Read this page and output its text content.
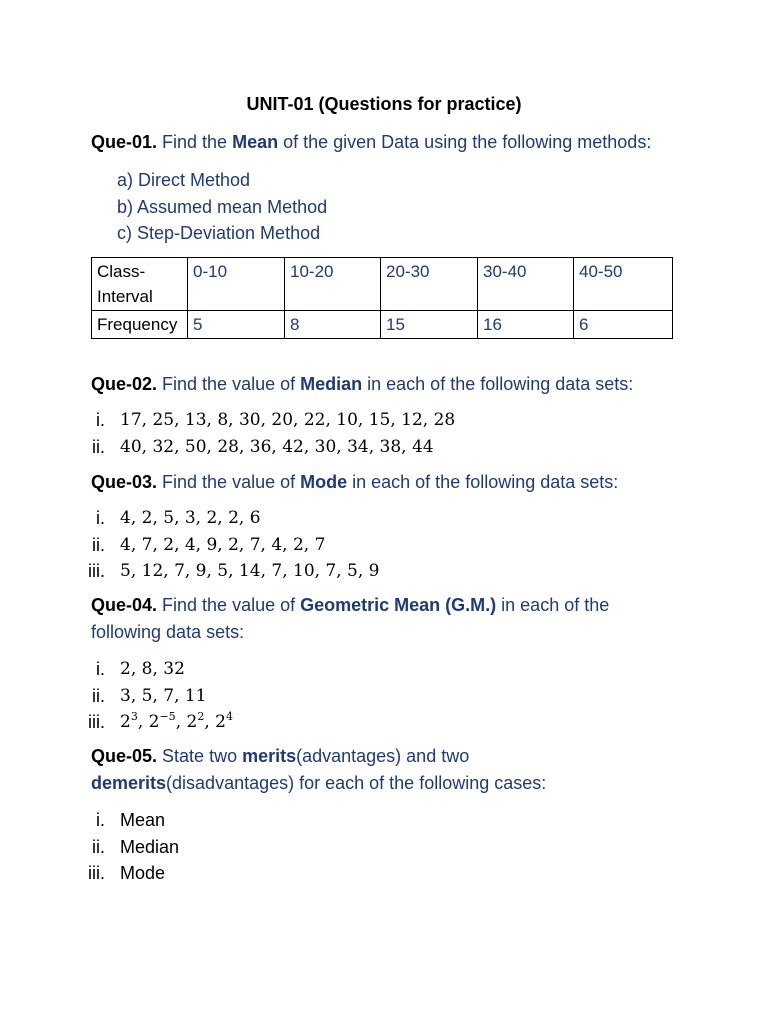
UNIT-01 (Questions for practice)
Que-01. Find the Mean of the given Data using the following methods:
a) Direct Method
b) Assumed mean Method
c) Step-Deviation Method
Class-Interval	0-10	10-20	20-30	30-40	40-50
Frequency	5	8	15	16	6
Que-02. Find the value of Median in each of the following data sets:
i. 17, 25, 13, 8, 30, 20, 22, 10, 15, 12, 28
ii. 40, 32, 50, 28, 36, 42, 30, 34, 38, 44
Que-03. Find the value of Mode in each of the following data sets:
i. 4, 2, 5, 3, 2, 2, 6
ii. 4, 7, 2, 4, 9, 2, 7, 4, 2, 7
iii. 5, 12, 7, 9, 5, 14, 7, 10, 7, 5, 9
Que-04. Find the value of Geometric Mean (G.M.) in each of the
following data sets:
i. 2, 8, 32
ii. 3, 5, 7, 11
iii. $2^3$, $2^{-5}$, $2^2$, $2^4$
Que-05. State two merits(advantages) and two
demerits(disadvantages) for each of the following cases:
i. Mean
ii. Median
iii. Mode
